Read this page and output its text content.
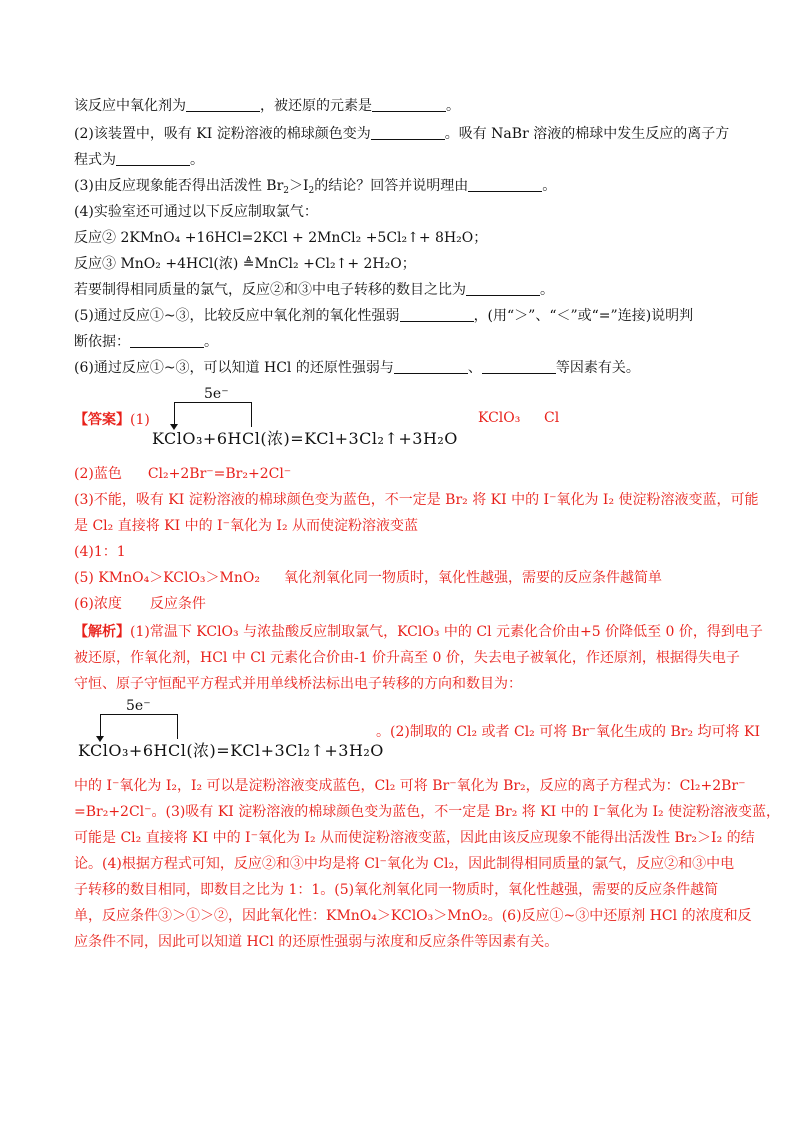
该反应中氧化剂为	，被还原的元素是	。
(2)该装置中，吸有 KI 淀粉溶液的棉球颜色变为	。吸有 NaBr 溶液的棉球中发生反应的离子方
程式为	。
(3)由反应现象能否得出活泼性 $Br_2>I_2$的结论？回答并说明理由	。
(4)实验室还可通过以下反应制取氯气：
反应② 2KMnO₄ +16HCl=2KCl + 2MnCl₂ +5Cl₂↑+ 8H₂O；
反应③ MnO₂ +4HCl(浓) ≜MnCl₂ +Cl₂↑+ 2H₂O；
若要制得相同质量的氯气，反应②和③中电子转移的数目之比为	。
(5)通过反应①~③，比较反应中氧化剂的氧化性强弱	，(用“＞”、“＜”或“=”连接)说明判
断依据：	。
(6)通过反应①~③，可以知道 HCl 的还原性强弱与	、	等因素有关。
【答案】(1)
5e⁻
KClO₃+6HCl(浓)=KCl+3Cl₂↑+3H₂O
KClO₃ Cl
(2)蓝色 Cl₂+2Br⁻=Br₂+2Cl⁻
(3)不能，吸有 KI 淀粉溶液的棉球颜色变为蓝色，不一定是 Br₂ 将 KI 中的 I⁻氧化为 I₂ 使淀粉溶液变蓝，可能
是 Cl₂ 直接将 KI 中的 I⁻氧化为 I₂ 从而使淀粉溶液变蓝
(4)1：1
(5) KMnO₄＞KClO₃＞MnO₂ 氧化剂氧化同一物质时，氧化性越强，需要的反应条件越简单
(6)浓度 反应条件
【解析】(1)常温下 KClO₃ 与浓盐酸反应制取氯气，KClO₃ 中的 Cl 元素化合价由+5 价降低至 0 价，得到电子
被还原，作氧化剂，HCl 中 Cl 元素化合价由-1 价升高至 0 价，失去电子被氧化，作还原剂，根据得失电子
守恒、原子守恒配平方程式并用单线桥法标出电子转移的方向和数目为：
5e⁻
KClO₃+6HCl(浓)=KCl+3Cl₂↑+3H₂O
。(2)制取的 Cl₂ 或者 Cl₂ 可将 Br⁻氧化生成的 Br₂ 均可将 KI
中的 I⁻氧化为 I₂，I₂ 可以是淀粉溶液变成蓝色，Cl₂ 可将 Br⁻氧化为 Br₂，反应的离子方程式为：Cl₂+2Br⁻
=Br₂+2Cl⁻。(3)吸有 KI 淀粉溶液的棉球颜色变为蓝色，不一定是 Br₂ 将 KI 中的 I⁻氧化为 I₂ 使淀粉溶液变蓝，
可能是 Cl₂ 直接将 KI 中的 I⁻氧化为 I₂ 从而使淀粉溶液变蓝，因此由该反应现象不能得出活泼性 Br₂＞I₂ 的结
论。(4)根据方程式可知，反应②和③中均是将 Cl⁻氧化为 Cl₂，因此制得相同质量的氯气，反应②和③中电
子转移的数目相同，即数目之比为 1：1。(5)氧化剂氧化同一物质时，氧化性越强，需要的反应条件越简
单，反应条件③＞①＞②，因此氧化性：KMnO₄＞KClO₃＞MnO₂。(6)反应①~③中还原剂 HCl 的浓度和反
应条件不同，因此可以知道 HCl 的还原性强弱与浓度和反应条件等因素有关。
